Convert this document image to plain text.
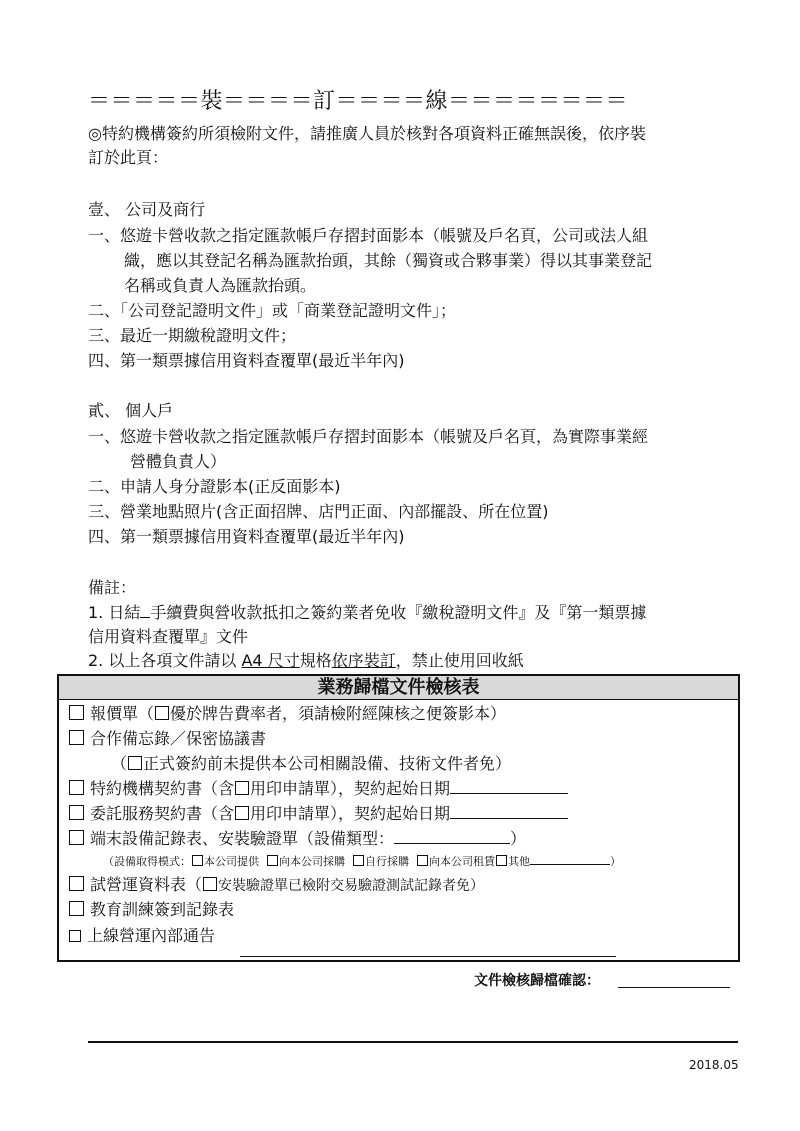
＝＝＝＝＝裝＝＝＝＝訂＝＝＝＝線＝＝＝＝＝＝＝＝
◎特約機構簽約所須檢附文件，請推廣人員於核對各項資料正確無誤後，依序裝
訂於此頁：
壹、 公司及商行
一、悠遊卡營收款之指定匯款帳戶存摺封面影本（帳號及戶名頁，公司或法人組
織，應以其登記名稱為匯款抬頭，其餘（獨資或合夥事業）得以其事業登記
名稱或負責人為匯款抬頭。
二、「公司登記證明文件」或「商業登記證明文件」；
三、最近一期繳稅證明文件；
四、第一類票據信用資料查覆單(最近半年內)
貳、 個人戶
一、悠遊卡營收款之指定匯款帳戶存摺封面影本（帳號及戶名頁，為實際事業經
營體負責人）
二、申請人身分證影本(正反面影本)
三、營業地點照片(含正面招牌、店門正面、內部擺設、所在位置)
四、第一類票據信用資料查覆單(最近半年內)
備註：
1. 日結 手續費與營收款抵扣之簽約業者免收『繳稅證明文件』及『第一類票據
信用資料查覆單』文件
2. 以上各項文件請以 A4 尺寸規格依序裝訂，禁止使用回收紙
業務歸檔文件檢核表
報價單（ 優於牌告費率者，須請檢附經陳核之便簽影本）
合作備忘錄／保密協議書
（ 正式簽約前未提供本公司相關設備、技術文件者免）
特約機構契約書（含 用印申請單），契約起始日期
委託服務契約書（含 用印申請單），契約起始日期
端末設備記錄表、安裝驗證單（設備類型：	）
（設備取得模式： 本公司提供 向本公司採購 自行採購 向本公司租賃 其他	）
試營運資料表（ 安裝驗證單已檢附交易驗證測試記錄者免）
教育訓練簽到記錄表
上線營運內部通告
文件檢核歸檔確認：
2018.05
